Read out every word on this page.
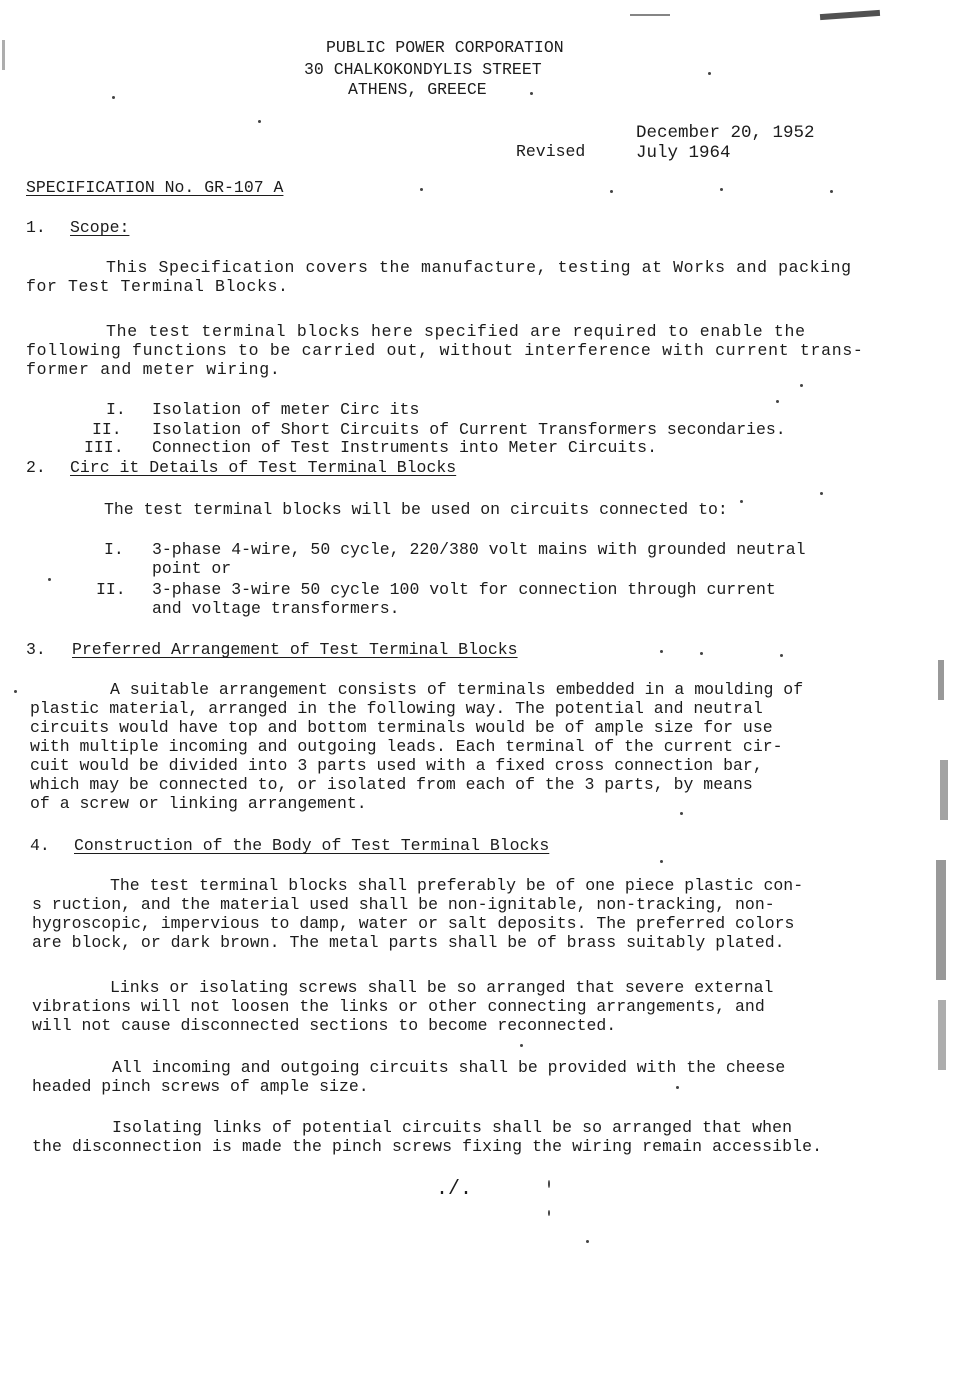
PUBLIC POWER CORPORATION
30 CHALKOKONDYLIS STREET
ATHENS, GREECE
Revised
December 20, 1952
July 1964
SPECIFICATION No. GR-107 A
1. Scope:
This Specification covers the manufacture, testing at Works and packing
for Test Terminal Blocks.
The test terminal blocks here specified are required to enable the
following functions to be carried out, without interference with current trans-
former and meter wiring.
I. Isolation of meter Circ its
II. Isolation of Short Circuits of Current Transformers secondaries.
III. Connection of Test Instruments into Meter Circuits.
2. Circ it Details of Test Terminal Blocks
The test terminal blocks will be used on circuits connected to:
I. 3-phase 4-wire, 50 cycle, 220/380 volt mains with grounded neutral
point or
II. 3-phase 3-wire 50 cycle 100 volt for connection through current
and voltage transformers.
3. Preferred Arrangement of Test Terminal Blocks
A suitable arrangement consists of terminals embedded in a moulding of
plastic material, arranged in the following way. The potential and neutral
circuits would have top and bottom terminals would be of ample size for use
with multiple incoming and outgoing leads. Each terminal of the current cir-
cuit would be divided into 3 parts used with a fixed cross connection bar,
which may be connected to, or isolated from each of the 3 parts, by means
of a screw or linking arrangement.
4. Construction of the Body of Test Terminal Blocks
The test terminal blocks shall preferably be of one piece plastic con-
s ruction, and the material used shall be non-ignitable, non-tracking, non-
hygroscopic, impervious to damp, water or salt deposits. The preferred colors
are block, or dark brown. The metal parts shall be of brass suitably plated.
Links or isolating screws shall be so arranged that severe external
vibrations will not loosen the links or other connecting arrangements, and
will not cause disconnected sections to become reconnected.
All incoming and outgoing circuits shall be provided with the cheese
headed pinch screws of ample size.
Isolating links of potential circuits shall be so arranged that when
the disconnection is made the pinch screws fixing the wiring remain accessible.
./.
